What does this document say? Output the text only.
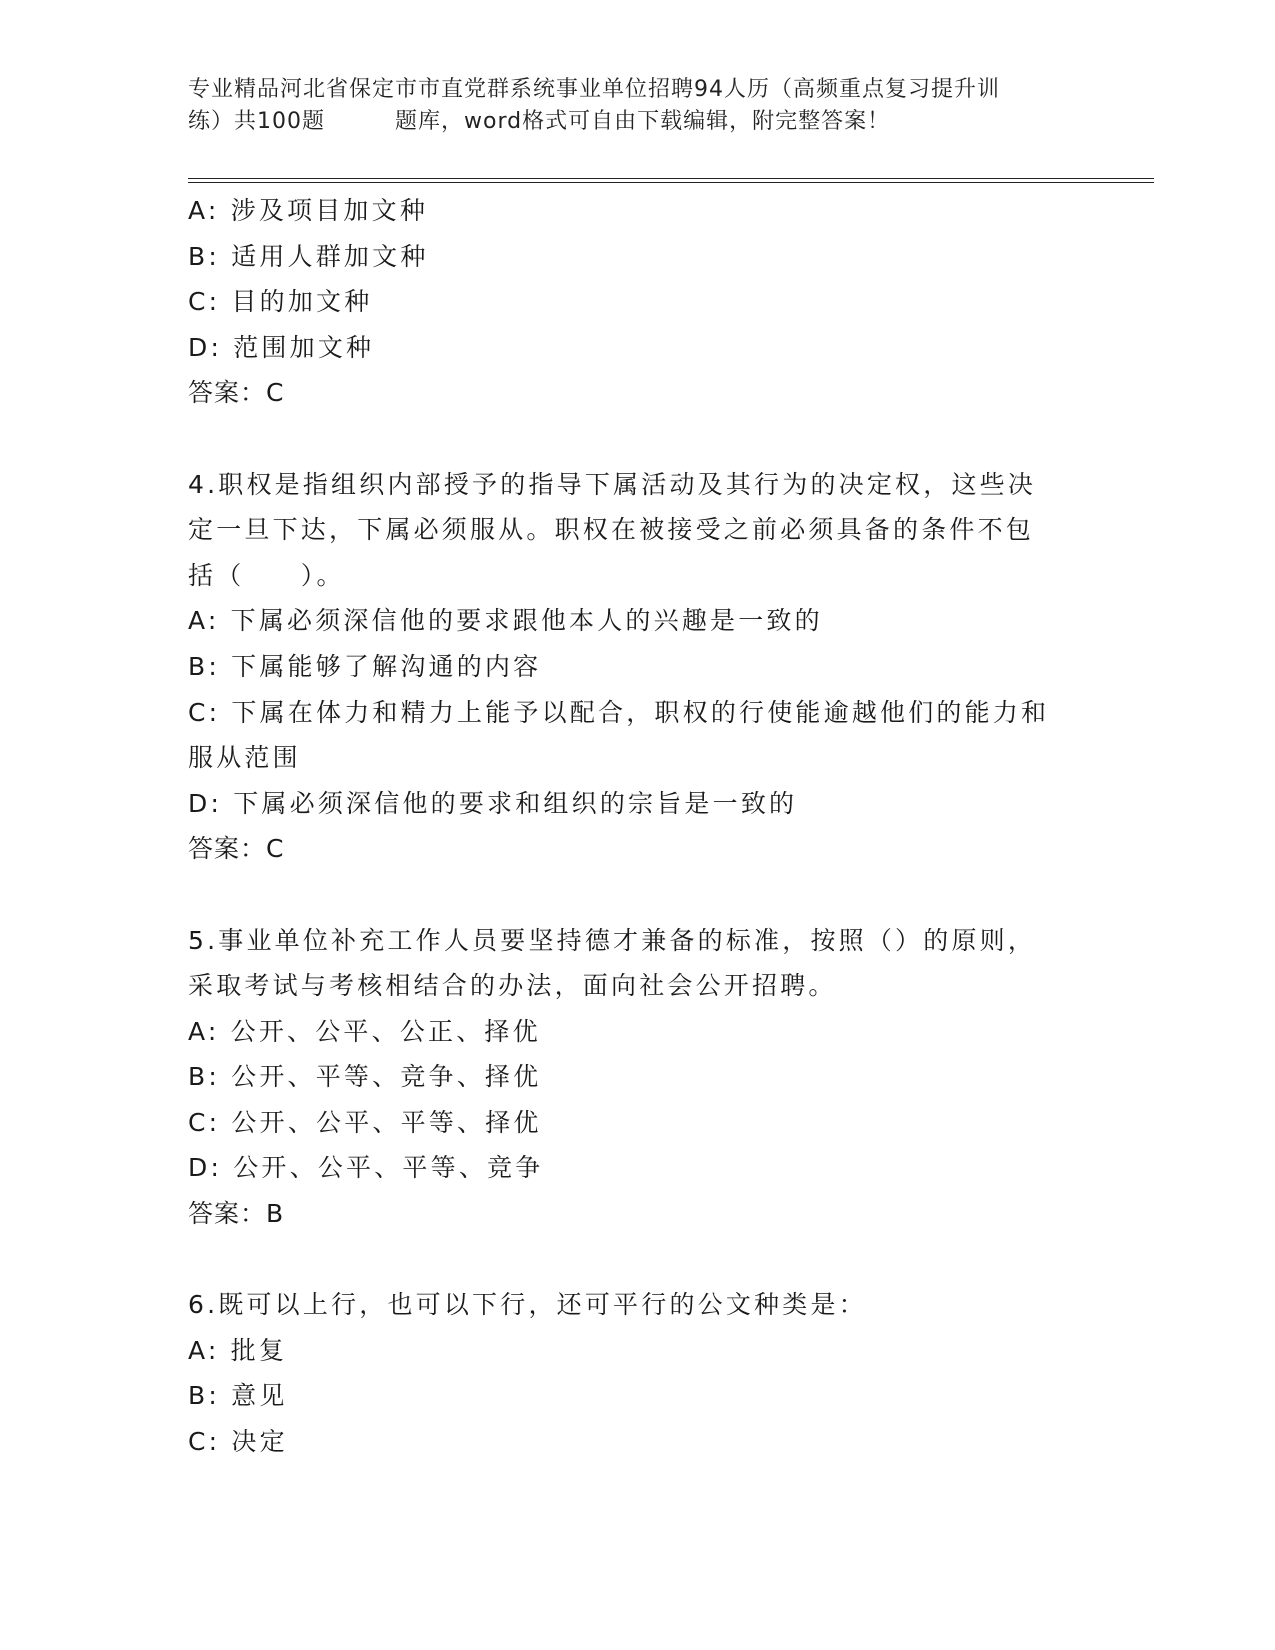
专业精品河北省保定市市直党群系统事业单位招聘94人历（高频重点复习提升训
练）共100题	题库，word格式可自由下载编辑，附完整答案！
A: 涉及项目加文种
B: 适用人群加文种
C: 目的加文种
D: 范围加文种
答案：C
4.职权是指组织内部授予的指导下属活动及其行为的决定权，这些决
定一旦下达，下属必须服从。职权在被接受之前必须具备的条件不包
括（　　）。
A: 下属必须深信他的要求跟他本人的兴趣是一致的
B: 下属能够了解沟通的内容
C: 下属在体力和精力上能予以配合，职权的行使能逾越他们的能力和
服从范围
D: 下属必须深信他的要求和组织的宗旨是一致的
答案：C
5.事业单位补充工作人员要坚持德才兼备的标准，按照（）的原则，
采取考试与考核相结合的办法，面向社会公开招聘。
A: 公开、公平、公正、择优
B: 公开、平等、竞争、择优
C: 公开、公平、平等、择优
D: 公开、公平、平等、竞争
答案：B
6.既可以上行，也可以下行，还可平行的公文种类是：
A: 批复
B: 意见
C: 决定
